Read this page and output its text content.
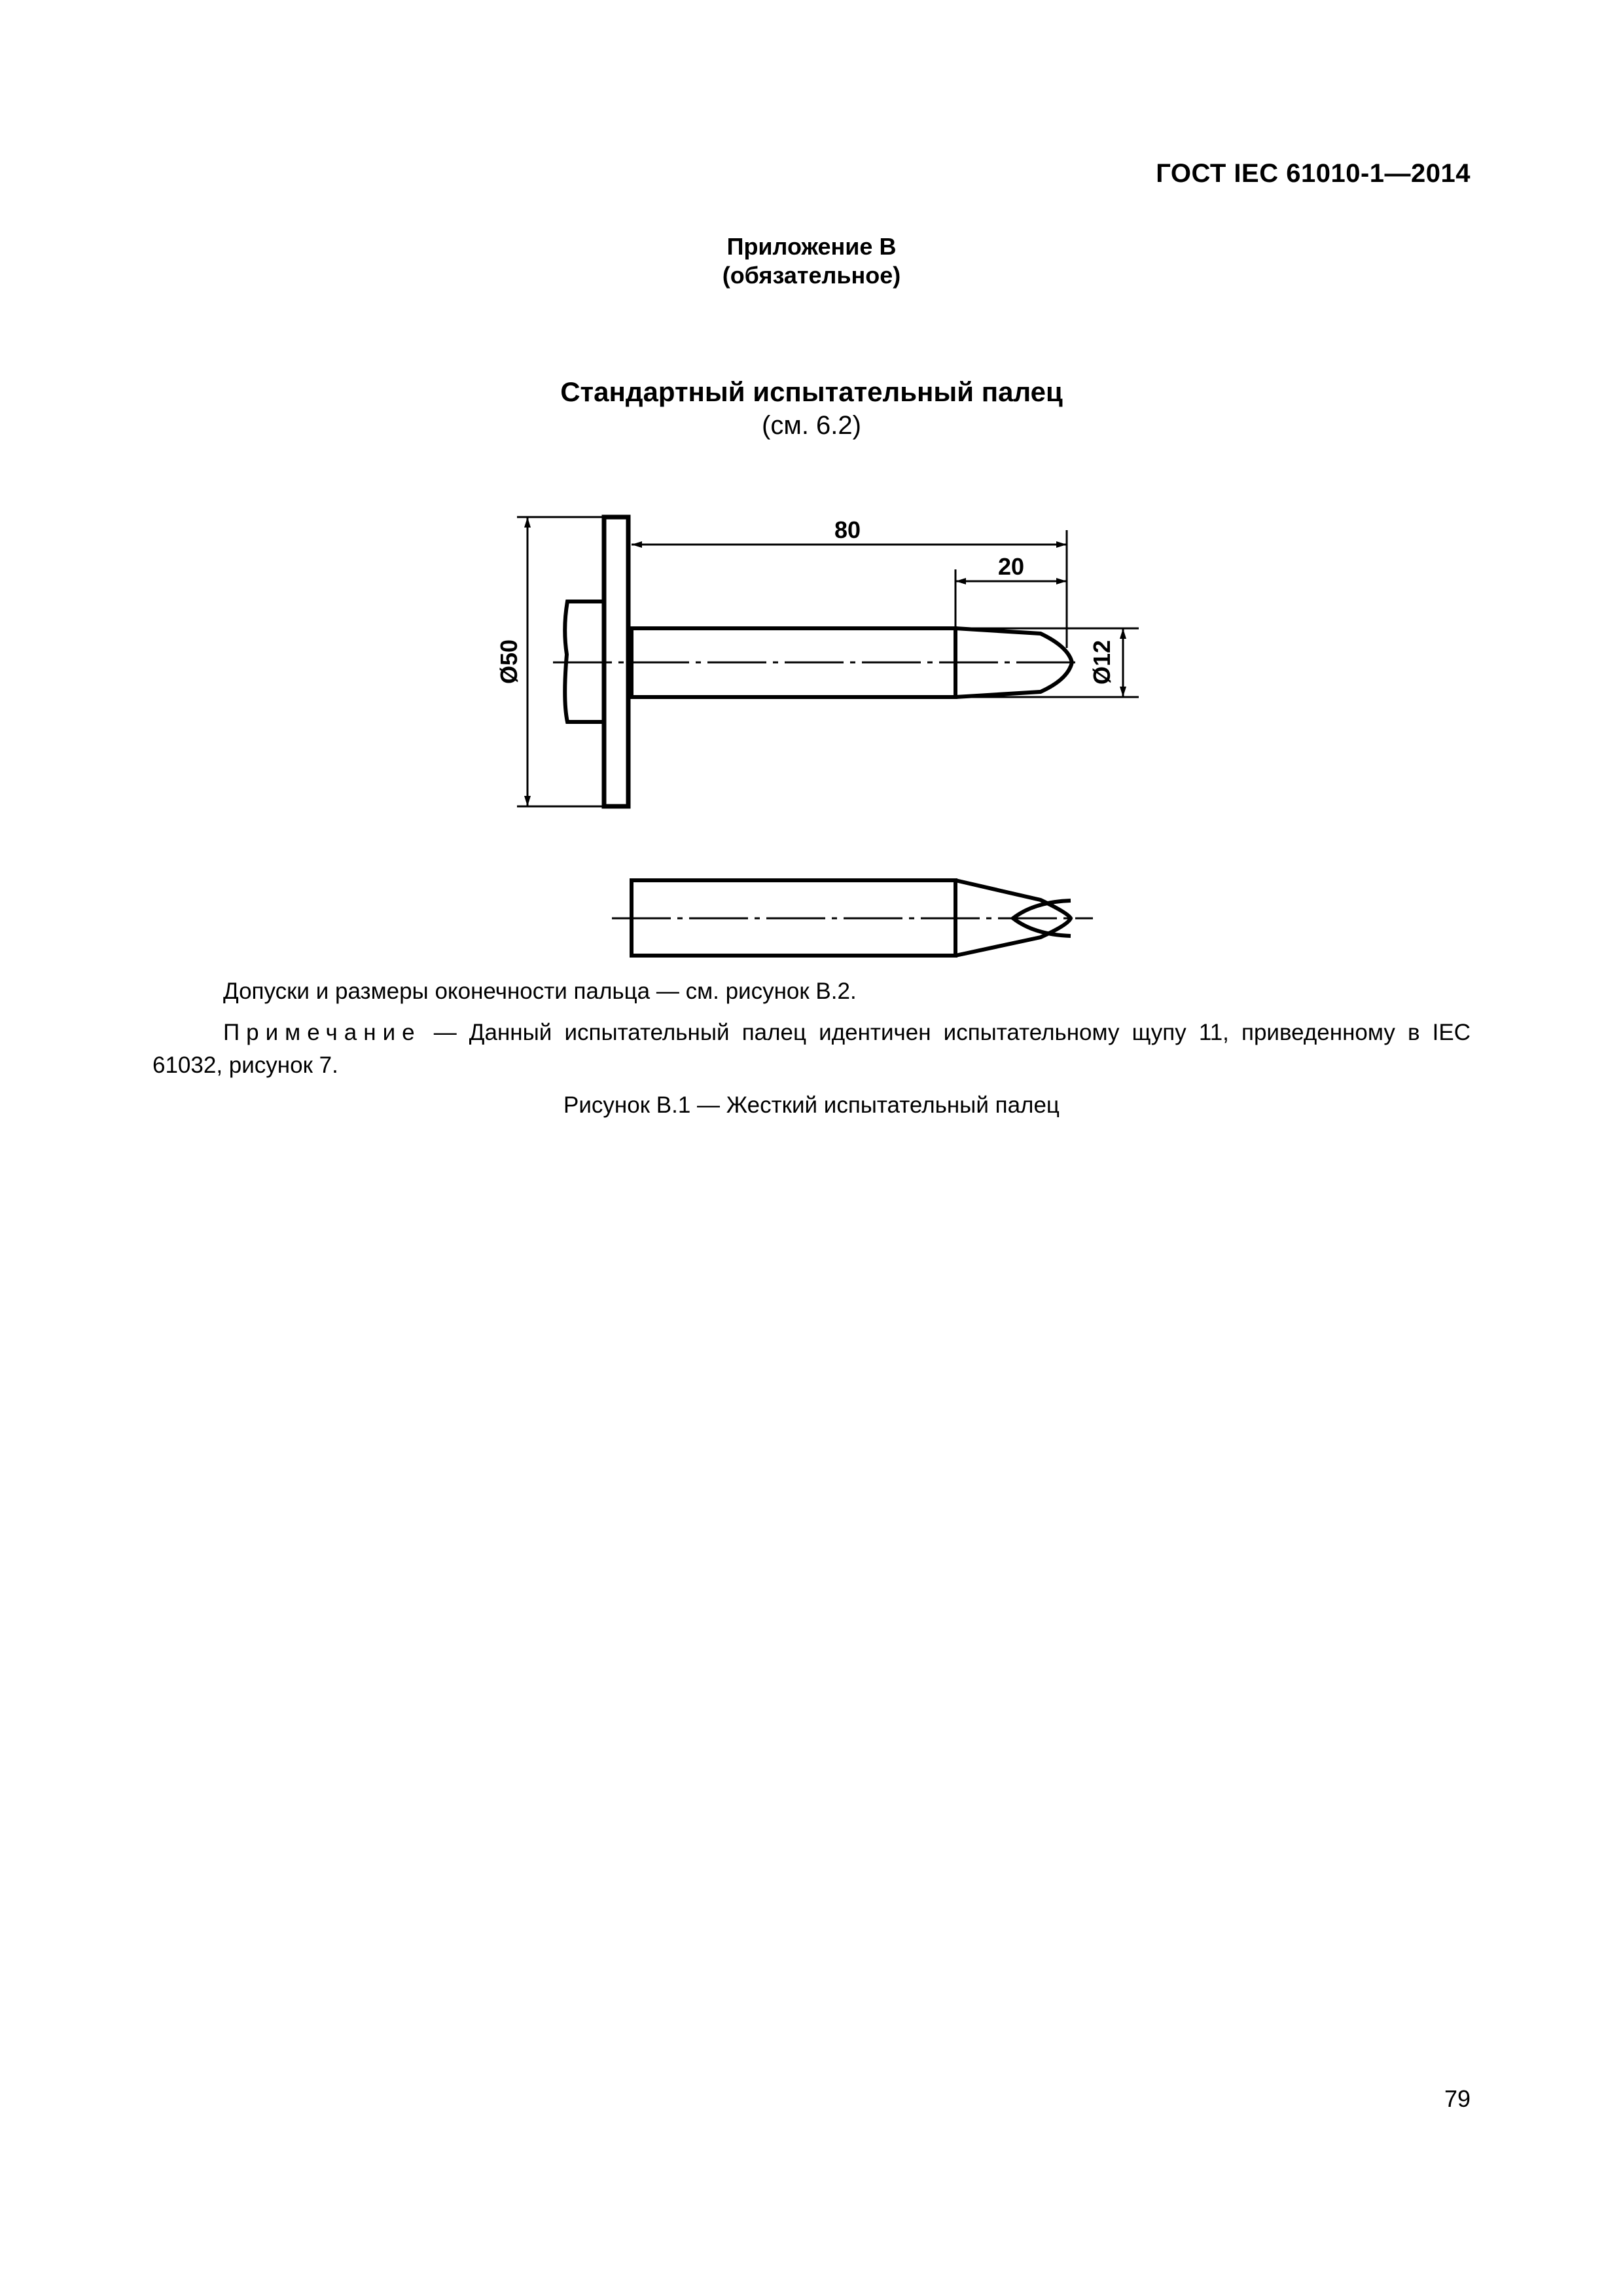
ГОСТ IEC 61010-1—2014
Приложение В
(обязательное)
Стандартный испытательный палец
(см. 6.2)
80
20
Ø50	Ø12
Допуски и размеры оконечности пальца — см. рисунок В.2.
Примечание — Данный испытательный палец идентичен испытательному щупу 11, приведенному в IEC 61032, рисунок 7.
Рисунок В.1 — Жесткий испытательный палец
79
